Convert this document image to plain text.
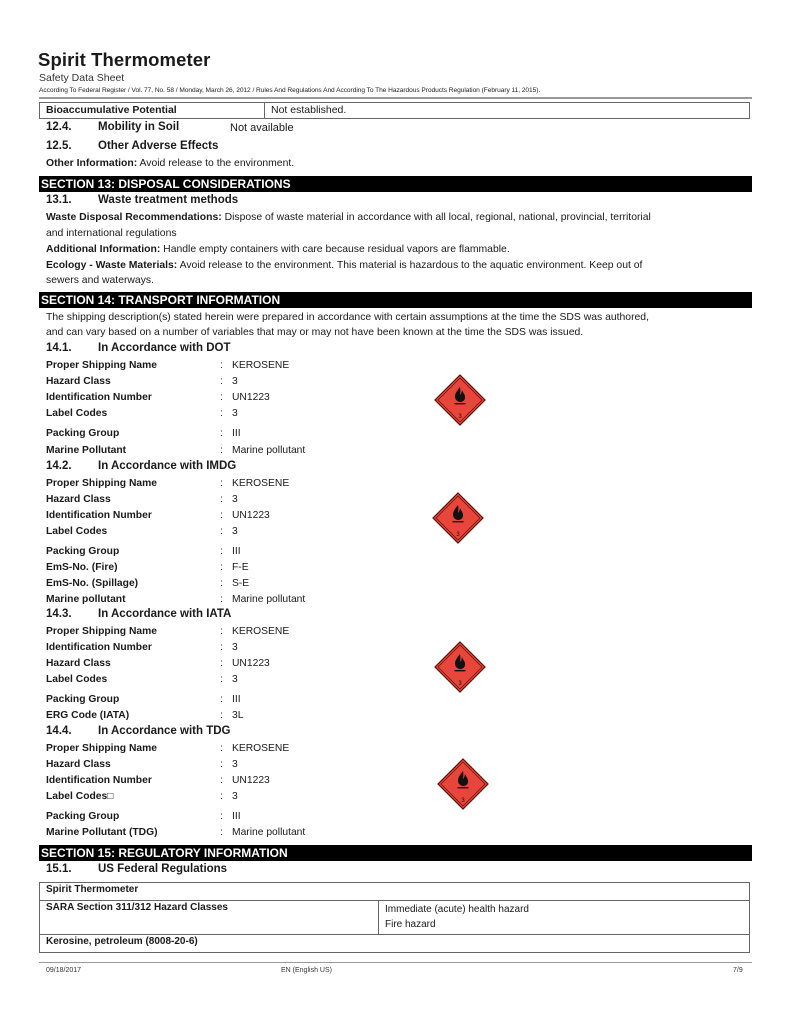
Spirit Thermometer
Safety Data Sheet
According To Federal Register / Vol. 77, No. 58 / Monday, March 26, 2012 / Rules And Regulations And According To The Hazardous Products Regulation (February 11, 2015).
Bioaccumulative Potential	Not established.
12.4. Mobility in Soil	Not available
12.5. Other Adverse Effects
Other Information: Avoid release to the environment.
SECTION 13: DISPOSAL CONSIDERATIONS
13.1. Waste treatment methods
Waste Disposal Recommendations: Dispose of waste material in accordance with all local, regional, national, provincial, territorial
and international regulations
Additional Information: Handle empty containers with care because residual vapors are flammable.
Ecology - Waste Materials: Avoid release to the environment. This material is hazardous to the aquatic environment. Keep out of
sewers and waterways.
SECTION 14: TRANSPORT INFORMATION
The shipping description(s) stated herein were prepared in accordance with certain assumptions at the time the SDS was authored,
and can vary based on a number of variables that may or may not have been known at the time the SDS was issued.
14.1. In Accordance with DOT
Proper Shipping Name	: KEROSENE
Hazard Class	: 3
Identification Number	: UN1223
Label Codes	: 3
Packing Group	: III
Marine Pollutant	: Marine pollutant
3
14.2. In Accordance with IMDG
Proper Shipping Name	: KEROSENE
Hazard Class	: 3
Identification Number	: UN1223
Label Codes	: 3
Packing Group	: III
EmS-No. (Fire)	: F-E
EmS-No. (Spillage)	: S-E
Marine pollutant	: Marine pollutant
3
14.3. In Accordance with IATA
Proper Shipping Name	: KEROSENE
Identification Number	: 3
Hazard Class	: UN1223
Label Codes	: 3
Packing Group	: III
ERG Code (IATA)	: 3L
3
14.4. In Accordance with TDG
Proper Shipping Name	: KEROSENE
Hazard Class	: 3
Identification Number	: UN1223
Label Codes□	: 3
Packing Group	: III
Marine Pollutant (TDG)	: Marine pollutant
3
SECTION 15: REGULATORY INFORMATION
15.1. US Federal Regulations
Spirit Thermometer
SARA Section 311/312 Hazard Classes	Immediate (acute) health hazard
Fire hazard
Kerosine, petroleum (8008-20-6)
09/18/2017	EN (English US)	7/9
